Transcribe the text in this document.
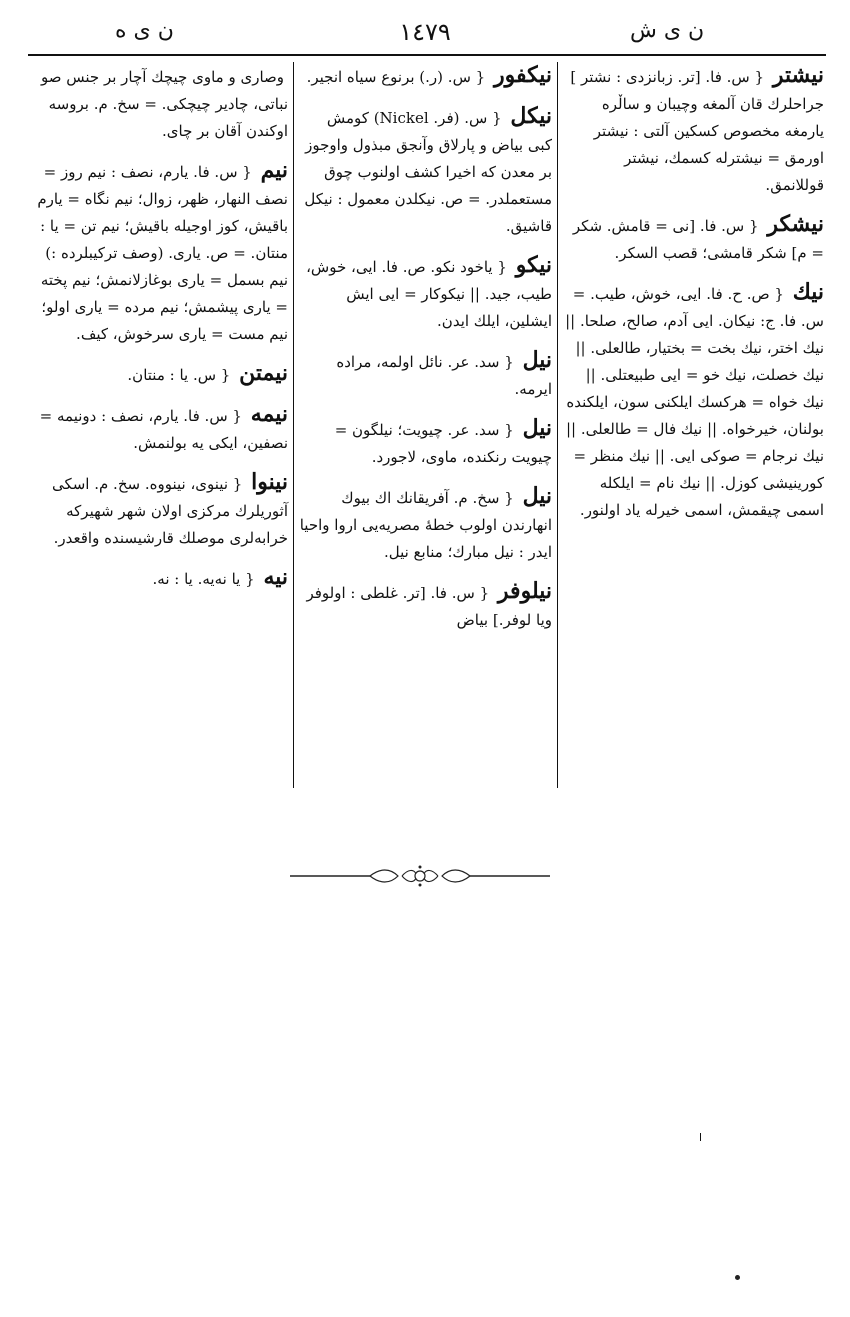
ن ى ه	١٤٧٩	ن ى ش
نيشتر { س. فا. [تر. زبانزدى : نشتر ] جراحلرك قان آلمغه وچيبان و ساڵره يارمغه مخصوص كسكين آلتى : نيشتر اورمق = نيشترله كسمك، نيشتر قوللانمق.
نيشكر { س. فا. [نى = قامش. شكر = م] شكر قامشى؛ قصب السكر.
نيك { ص. ح. فا. ايى، خوش، طيب. = س. فا. ج: نيكان. ايى آدم، صالح، صلحا. || نيك اختر، نيك بخت = بختيار، طالعلى. || نيك خصلت، نيك خو = ايى طبيعتلى. || نيك خواه = هركسك ايلكنى سون، ايلكنده بولنان، خيرخواه. || نيك فال = طالعلى. || نيك نرجام = صوكى ايى. || نيك منظر = كورينيشى كوزل. || نيك نام = ايلكله اسمى چيقمش، اسمى خيرله ياد اولنور.
نيكفور { س. (ر.) برنوع سياه انجير.
نيكل { س. (فر. Nickel) كومش كبى بياض و پارلاق وآنجق مبذول واوجوز بر معدن كه اخيرا كشف اولنوب چوق مستعملدر. = ص. نيكلدن معمول : نيكل قاشيق.
نيكو { ياخود نكو. ص. فا. ايى، خوش، طيب، جيد. || نيكوكار = ايى ايش ايشلين، ايلك ايدن.
نيل { سد. عر. نائل اولمه، مراده ايرمه.
نيل { سد. عر. چيويت؛ نيلگون = چيويت رنكنده، ماوى، لاجورد.
نيل { سخ. م. آفريقانك اك بيوك انهارندن اولوب خطهٔ مصريه‌يى اروا واحيا ايدر : نيل مبارك؛ منابع نيل.
نيلوفر { س. فا. [تر. غلطى : اولوفر ويا لوفر.] بياض
وصارى و ماوى چيچك آچار بر جنس صو نباتى، چادير چيچكى. = سخ. م. بروسه اوكندن آقان بر چاى.
نيم { س. فا. يارم، نصف : نيم روز = نصف النهار، ظهر، زوال؛ نيم نگاه = يارم باقيش، كوز اوجيله باقيش؛ نيم تن = يا : منتان. = ص. يارى. (وصف تركيبلرده :) نيم بسمل = يارى بوغازلانمش؛ نيم پخته = يارى پيشمش؛ نيم مرده = يارى اولو؛ نيم مست = يارى سرخوش، كيف.
نيمتن { س. يا : منتان.
نيمه { س. فا. يارم، نصف : دونيمه = نصفين، ايكى يه بولنمش.
نينوا { نينوى، نينووه. سخ. م. اسكى آثوريلرك مركزى اولان شهر شهيركه خرابه‌لرى موصلك قارشيسنده واقعدر.
نيه { يا نه‌يه. يا : نه.
